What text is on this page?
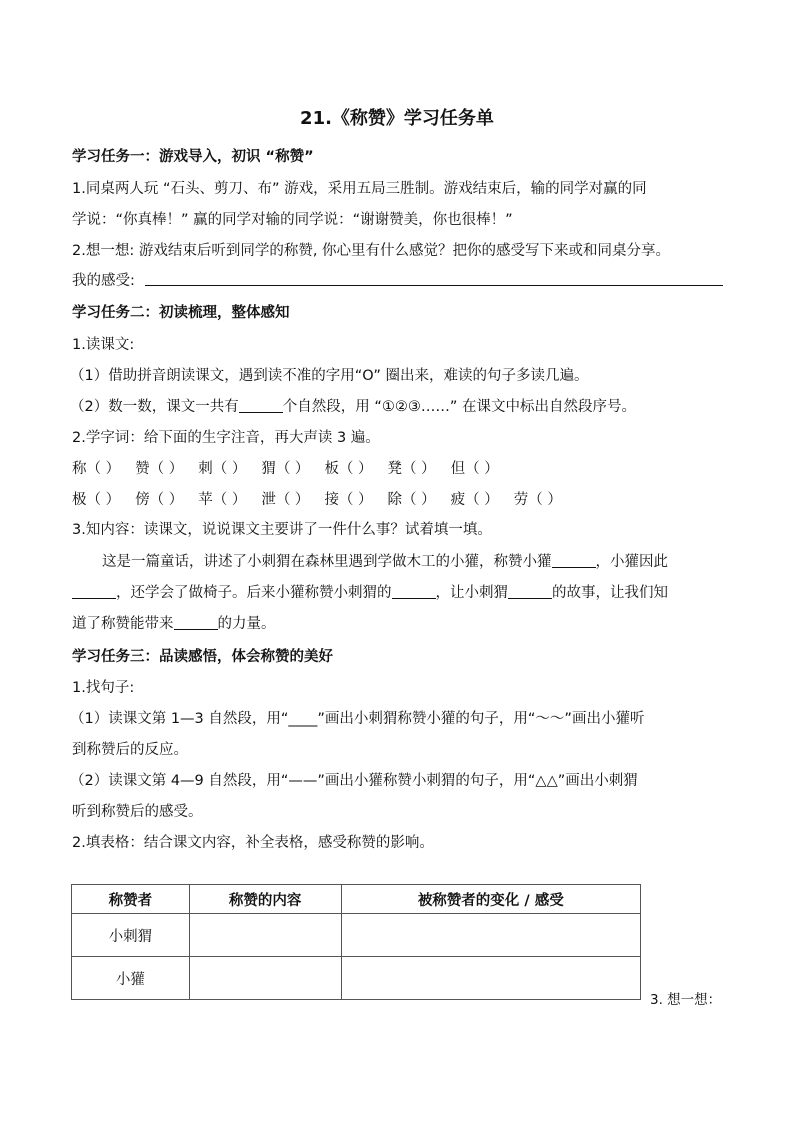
21.《称赞》学习任务单
学习任务一：游戏导入，初识 “称赞”
1.同桌两人玩 “石头、剪刀、布” 游戏，采用五局三胜制。游戏结束后，输的同学对赢的同
学说：“你真棒！” 赢的同学对输的同学说：“谢谢赞美，你也很棒！”
2.想一想: 游戏结束后听到同学的称赞, 你心里有什么感觉？把你的感受写下来或和同桌分享。
我的感受:
学习任务二：初读梳理，整体感知
1.读课文:
（1）借助拼音朗读课文，遇到读不准的字用“O” 圈出来，难读的句子多读几遍。
（2）数一数，课文一共有	个自然段，用 “①②③……” 在课文中标出自然段序号。
2.学字词：给下面的生字注音，再大声读 3 遍。
称（ ） 赞（ ） 刺（ ） 猬（ ） 板（ ） 凳（ ） 但（ ）
极（ ） 傍（ ） 苹（ ） 泄（ ） 接（ ） 除（ ） 疲（ ） 劳（ ）
3.知内容：读课文，说说课文主要讲了一件什么事？试着填一填。
这是一篇童话，讲述了小刺猬在森林里遇到学做木工的小獾，称赞小獾	，小獾因此
，还学会了做椅子。后来小獾称赞小刺猬的	，让小刺猬	的故事，让我们知
道了称赞能带来	的力量。
学习任务三：品读感悟，体会称赞的美好
1.找句子:
（1）读课文第 1—3 自然段，用“____”画出小刺猬称赞小獾的句子，用“～～”画出小獾听
到称赞后的反应。
（2）读课文第 4—9 自然段，用“——”画出小獾称赞小刺猬的句子，用“△△”画出小刺猬
听到称赞后的感受。
2.填表格：结合课文内容，补全表格，感受称赞的影响。
称赞者	称赞的内容	被称赞者的变化 / 感受
小刺猬		
小獾		
3. 想一想：
